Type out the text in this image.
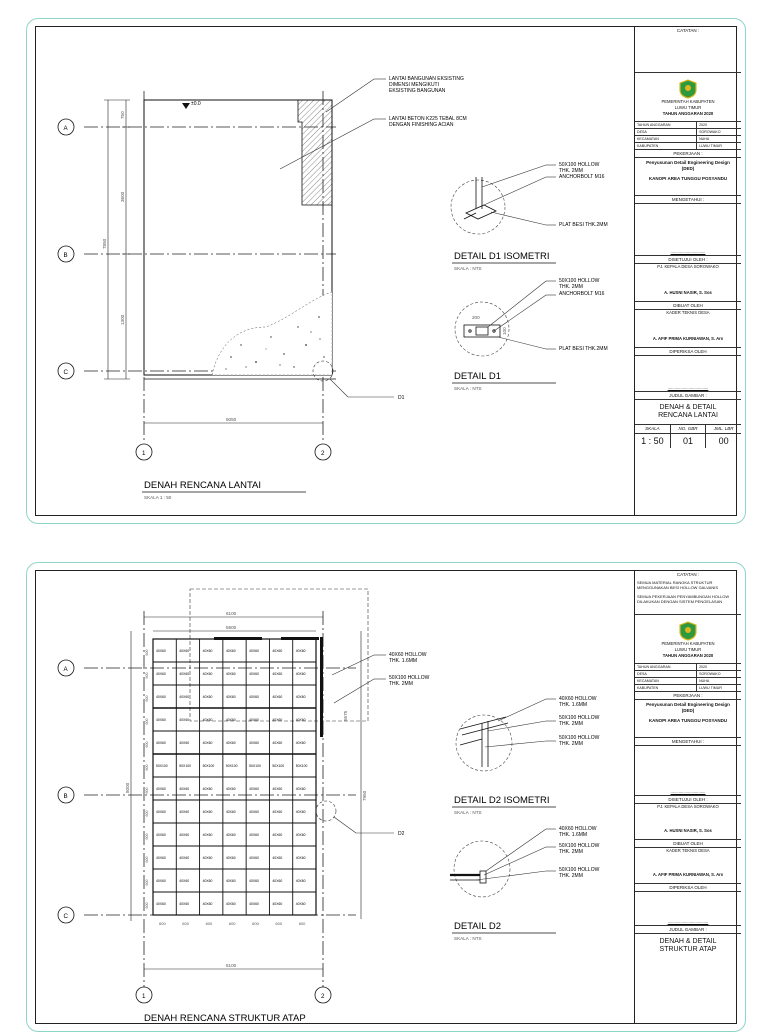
±0.0
7850
750
3600
1300
5050
A
B
C
1	2
D1
LANTAI BANGUNAN EKSISTING
DIMENSI MENGIKUTI
EKSISTING BANGUNAN
LANTAI BETON K225 TEBAL 8CM
DENGAN FINISHING ACIAN
DENAH RENCANA LANTAI
SKALA 1 : 50
50X100 HOLLOW
THK. 2MM
ANCHORBOLT M16
PLAT BESI THK.2MM
DETAIL D1 ISOMETRI
SKALA : NTS
200
100
50X100 HOLLOW
THK. 2MM
ANCHORBOLT M16
PLAT BESI THK.2MM
DETAIL D1
SKALA : NTS
CATATAN :
PEMERINTAH KABUPATEN
LUWU TIMUR
TAHUN ANGGARAN 2020
TAHUN ANGGARAN	2020
DESA	SOROWAKO
KECAMATAN	NUHA
KABUPATEN	LUWU TIMUR
PEKERJAAN :
Penyusunan Detail Engineering Design
(DED)
KANOPI AREA TUNGGU POSYANDU
MENGETAHUI :
..............................
DISETUJUI OLEH :
PJ. KEPALA DESA SOROWAKO
A. HUSNI NASIR, S. Sos
DIBUAT OLEH
KADER TEKNIS DESA
A. AFIF PRIMA KURNIAWAN, S. Ars
DIPERIKSA OLEH
...................................
JUDUL GAMBAR :
DENAH & DETAIL
RENCANA LANTAI
SKALA	NO. GBR	JML. LBR
1 : 50	01	00
40X60	40X60	40X60	40X60	40X60	40X60	40X60
40X60	40X60	40X60	40X60	40X60	40X60	40X60
40X60	40X60	40X60	40X60	40X60	40X60	40X60
40X60	40X60	40X60	40X60	40X60	40X60	40X60
40X60	40X60	40X60	40X60	40X60	40X60	40X60
50X100	50X100	50X100	50X100	50X100	50X100	50X100
40X60	40X60	40X60	40X60	40X60	40X60	40X60
40X60	40X60	40X60	40X60	40X60	40X60	40X60
40X60	40X60	40X60	40X60	40X60	40X60	40X60
40X60	40X60	40X60	40X60	40X60	40X60	40X60
40X60	40X60	40X60	40X60	40X60	40X60	40X60
40X60	40X60	40X60	40X60	40X60	40X60	40X60
600	600	600	600	600	600	600
600
600
600
600
600
600
600
600
600
600
600
600
6100
5600
5100
8000
7950
5575
A
B
C
1	2
D2
40X60 HOLLOW
THK. 1.6MM
50X100 HOLLOW
THK. 2MM
DENAH RENCANA STRUKTUR ATAP
40X60 HOLLOW
THK. 1.6MM
50X100 HOLLOW
THK. 2MM
50X100 HOLLOW
THK. 2MM
DETAIL D2 ISOMETRI
SKALA : NTS
40X60 HOLLOW
THK. 1.6MM
50X100 HOLLOW
THK. 2MM
50X100 HOLLOW
THK. 2MM
DETAIL D2
SKALA : NTS
CATATAN :
SEMUA MATERIAL RANGKA STRUKTUR MENGGUNAKAN BESI HOLLOW GALVANIS
SEMUA PEKERJAAN PENYAMBUNGAN HOLLOW DILAKUKAN DENGAN SISTEM PENGELASAN
PEMERINTAH KABUPATEN
LUWU TIMUR
TAHUN ANGGARAN 2020
TAHUN ANGGARAN	2020
DESA	SOROWAKO
KECAMATAN	NUHA
KABUPATEN	LUWU TIMUR
PEKERJAAN :
Penyusunan Detail Engineering Design
(DED)
KANOPI AREA TUNGGU POSYANDU
MENGETAHUI :
..............................
DISETUJUI OLEH :
PJ. KEPALA DESA SOROWAKO
A. HUSNI NASIR, S. Sos
DIBUAT OLEH
KADER TEKNIS DESA
A. AFIF PRIMA KURNIAWAN, S. Ars
DIPERIKSA OLEH
...................................
JUDUL GAMBAR :
DENAH & DETAIL
STRUKTUR ATAP
